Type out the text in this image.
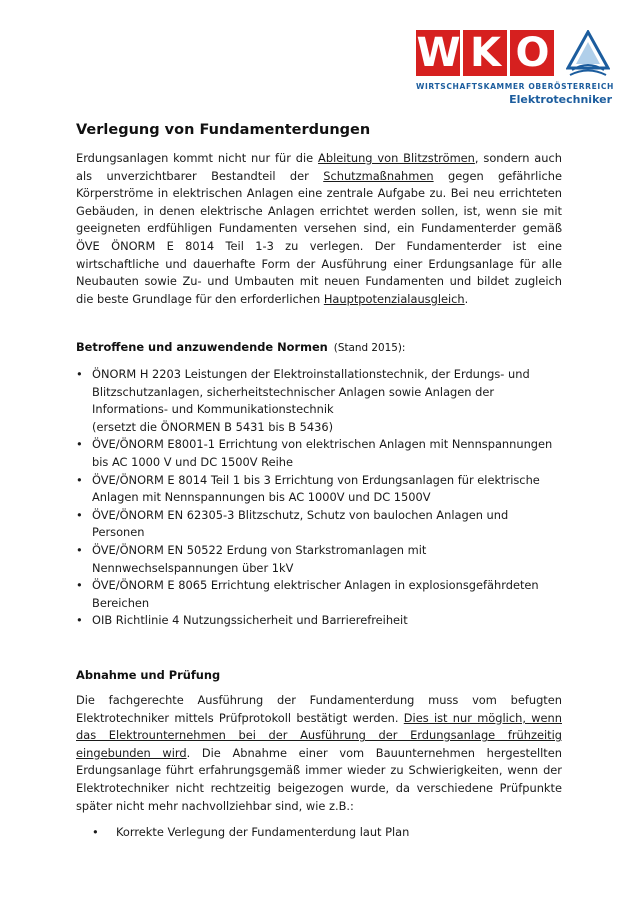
W K O
WIRTSCHAFTSKAMMER OBERÖSTERREICH
Elektrotechniker
Verlegung von Fundamenterdungen

Erdungsanlagen kommt nicht nur für die Ableitung von Blitzströmen, sondern auch als unverzichtbarer Bestandteil der Schutzmaßnahmen gegen gefährliche Körperströme in elektrischen Anlagen eine zentrale Aufgabe zu. Bei neu errichteten Gebäuden, in denen elektrische Anlagen errichtet werden sollen, ist, wenn sie mit geeigneten erdfühligen Fundamenten versehen sind, ein Fundamenterder gemäß ÖVE ÖNORM E 8014 Teil 1-3 zu verlegen. Der Fundamenterder ist eine wirtschaftliche und dauerhafte Form der Ausführung einer Erdungsanlage für alle Neubauten sowie Zu- und Umbauten mit neuen Fundamenten und bildet zugleich die beste Grundlage für den erforderlichen Hauptpotenzialausgleich.

Betroffene und anzuwendende Normen (Stand 2015):

• ÖNORM H 2203 Leistungen der Elektroinstallationstechnik, der Erdungs- und Blitzschutzanlagen, sicherheitstechnischer Anlagen sowie Anlagen der Informations- und Kommunikationstechnik
(ersetzt die ÖNORMEN B 5431 bis B 5436)
• ÖVE/ÖNORM E8001-1 Errichtung von elektrischen Anlagen mit Nennspannungen bis AC 1000 V und DC 1500V Reihe
• ÖVE/ÖNORM E 8014 Teil 1 bis 3 Errichtung von Erdungsanlagen für elektrische Anlagen mit Nennspannungen bis AC 1000V und DC 1500V
• ÖVE/ÖNORM EN 62305-3 Blitzschutz, Schutz von baulochen Anlagen und Personen
• ÖVE/ÖNORM EN 50522 Erdung von Starkstromanlagen mit Nennwechselspannungen über 1kV
• ÖVE/ÖNORM E 8065 Errichtung elektrischer Anlagen in explosionsgefährdeten Bereichen
• OIB Richtlinie 4 Nutzungssicherheit und Barrierefreiheit

Abnahme und Prüfung

Die fachgerechte Ausführung der Fundamenterdung muss vom befugten Elektrotechniker mittels Prüfprotokoll bestätigt werden. Dies ist nur möglich, wenn das Elektrounternehmen bei der Ausführung der Erdungsanlage frühzeitig eingebunden wird. Die Abnahme einer vom Bauunternehmen hergestellten Erdungsanlage führt erfahrungsgemäß immer wieder zu Schwierigkeiten, wenn der Elektrotechniker nicht rechtzeitig beigezogen wurde, da verschiedene Prüfpunkte später nicht mehr nachvollziehbar sind, wie z.B.:

• Korrekte Verlegung der Fundamenterdung laut Plan
